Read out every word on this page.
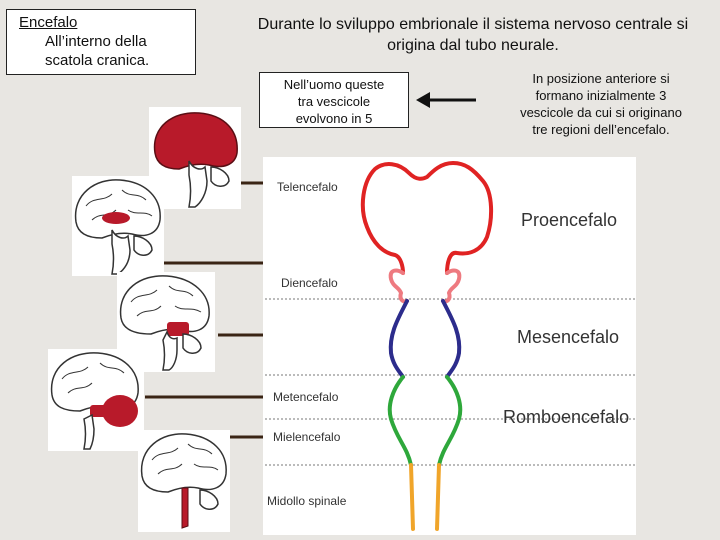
Encefalo
All’interno della
scatola cranica.
Durante lo sviluppo embrionale il sistema nervoso centrale si
origina dal tubo neurale.
Nell’uomo queste
tra vescicole
evolvono in 5
In posizione anteriore si
formano inizialmente 3
vescicole da cui si originano
tre regioni dell’encefalo.
Telencefalo
Diencefalo
Metencefalo
Mielencefalo
Midollo spinale
Proencefalo
Mesencefalo
Romboencefalo
